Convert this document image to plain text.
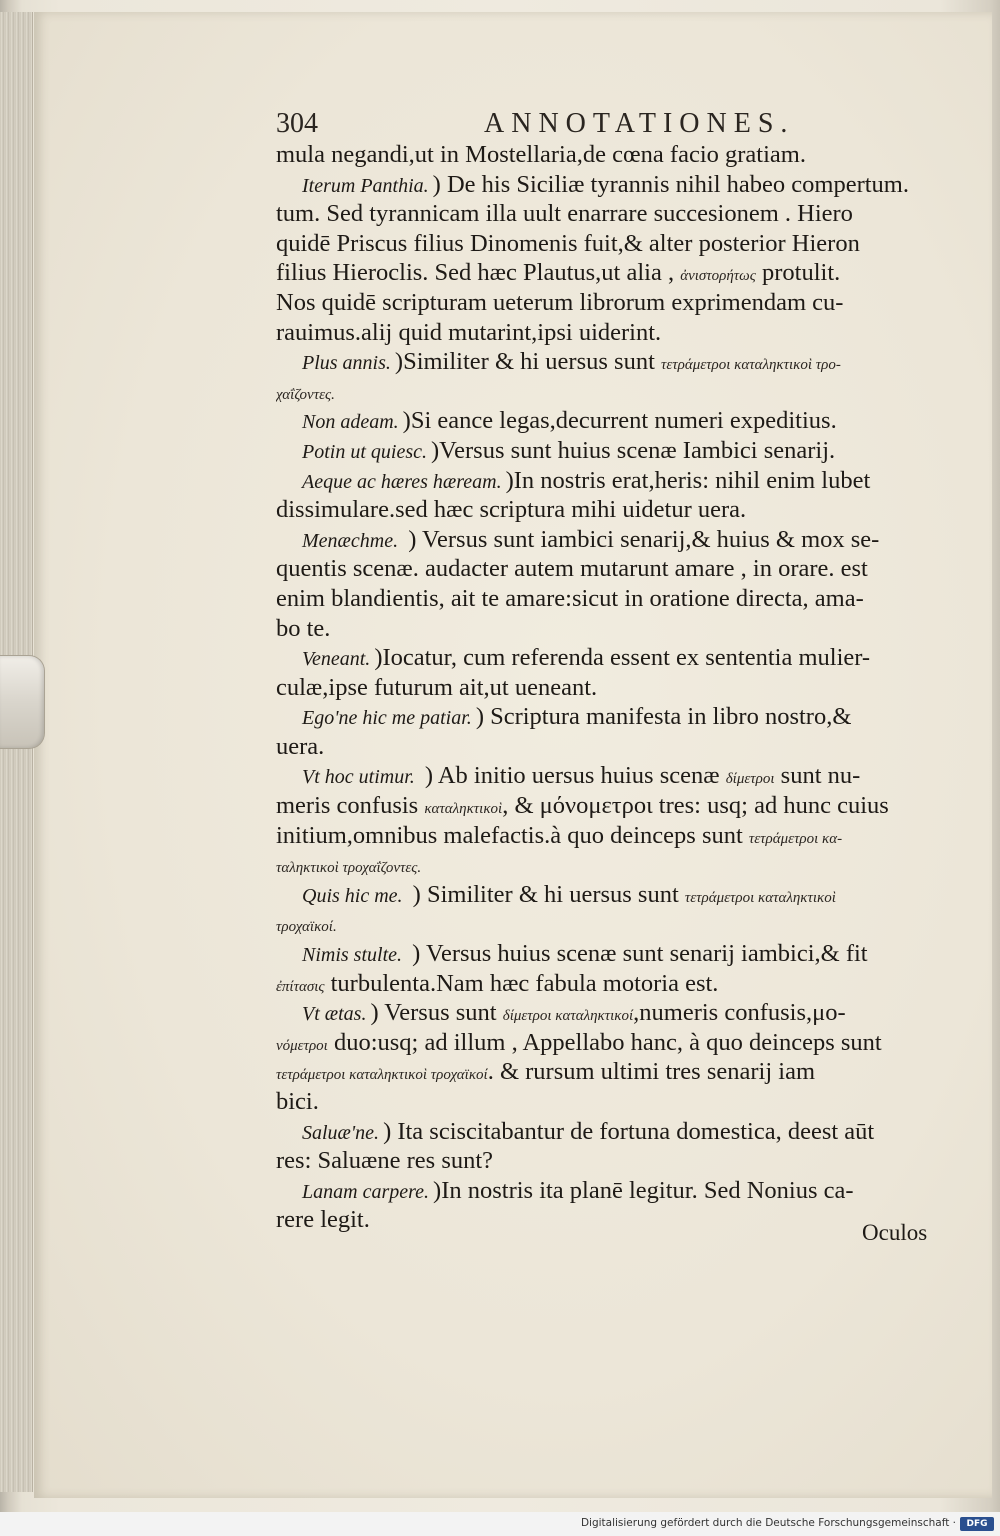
304	ANNOTATIONES.
mula negandi,ut in Mostellaria,de cœna facio gratiam.
Iterum Panthia. ) De his Siciliæ tyrannis nihil habeo compertum.
tum. Sed tyrannicam illa uult enarrare succesionem . Hiero
quidē Priscus filius Dinomenis fuit,& alter posterior Hieron
filius Hieroclis. Sed hæc Plautus,ut alia , ἀνιστορήτως protulit.
Nos quidē scripturam ueterum librorum exprimendam cu-
rauimus.alij quid mutarint,ipsi uiderint.
Plus annis. )Similiter & hi uersus sunt τετράμετροι καταληκτικοὶ τρο-
χαΐζοντες.
Non adeam. )Si eance legas,decurrent numeri expeditius.
Potin ut quiesc. )Versus sunt huius scenæ Iambici senarij.
Aeque ac hæres hæream. )In nostris erat,heris: nihil enim lubet
dissimulare.sed hæc scriptura mihi uidetur uera.
Menæchme. ) Versus sunt iambici senarij,& huius & mox se-
quentis scenæ. audacter autem mutarunt amare , in orare. est
enim blandientis, ait te amare:sicut in oratione directa, ama-
bo te.
Veneant. )Iocatur, cum referenda essent ex sententia mulier-
culæ,ipse futurum ait,ut ueneant.
Ego'ne hic me patiar. ) Scriptura manifesta in libro nostro,&
uera.
Vt hoc utimur. ) Ab initio uersus huius scenæ δίμετροι sunt nu-
meris confusis καταληκτικοὶ, & μόνομετροι tres: usq; ad hunc cuius
initium,omnibus malefactis.à quo deinceps sunt τετράμετροι κα-
ταληκτικοὶ τροχαΐζοντες.
Quis hic me. ) Similiter & hi uersus sunt τετράμετροι καταληκτικοὶ
τροχαϊκοί.
Nimis stulte. ) Versus huius scenæ sunt senarij iambici,& fit
ἐπίτασις turbulenta.Nam hæc fabula motoria est.
Vt ætas. ) Versus sunt δίμετροι καταληκτικοί,numeris confusis,μο-
νόμετροι duo:usq; ad illum , Appellabo hanc, à quo deinceps sunt
τετράμετροι καταληκτικοὶ τροχαϊκοί. & rursum ultimi tres senarij iam
bici.
Saluæ'ne. ) Ita sciscitabantur de fortuna domestica, deest aūt
res: Saluæne res sunt?
Lanam carpere. )In nostris ita planē legitur. Sed Nonius ca-
rere legit.	Oculos
Digitalisierung gefördert durch die Deutsche Forschungsgemeinschaft ·	DFG
